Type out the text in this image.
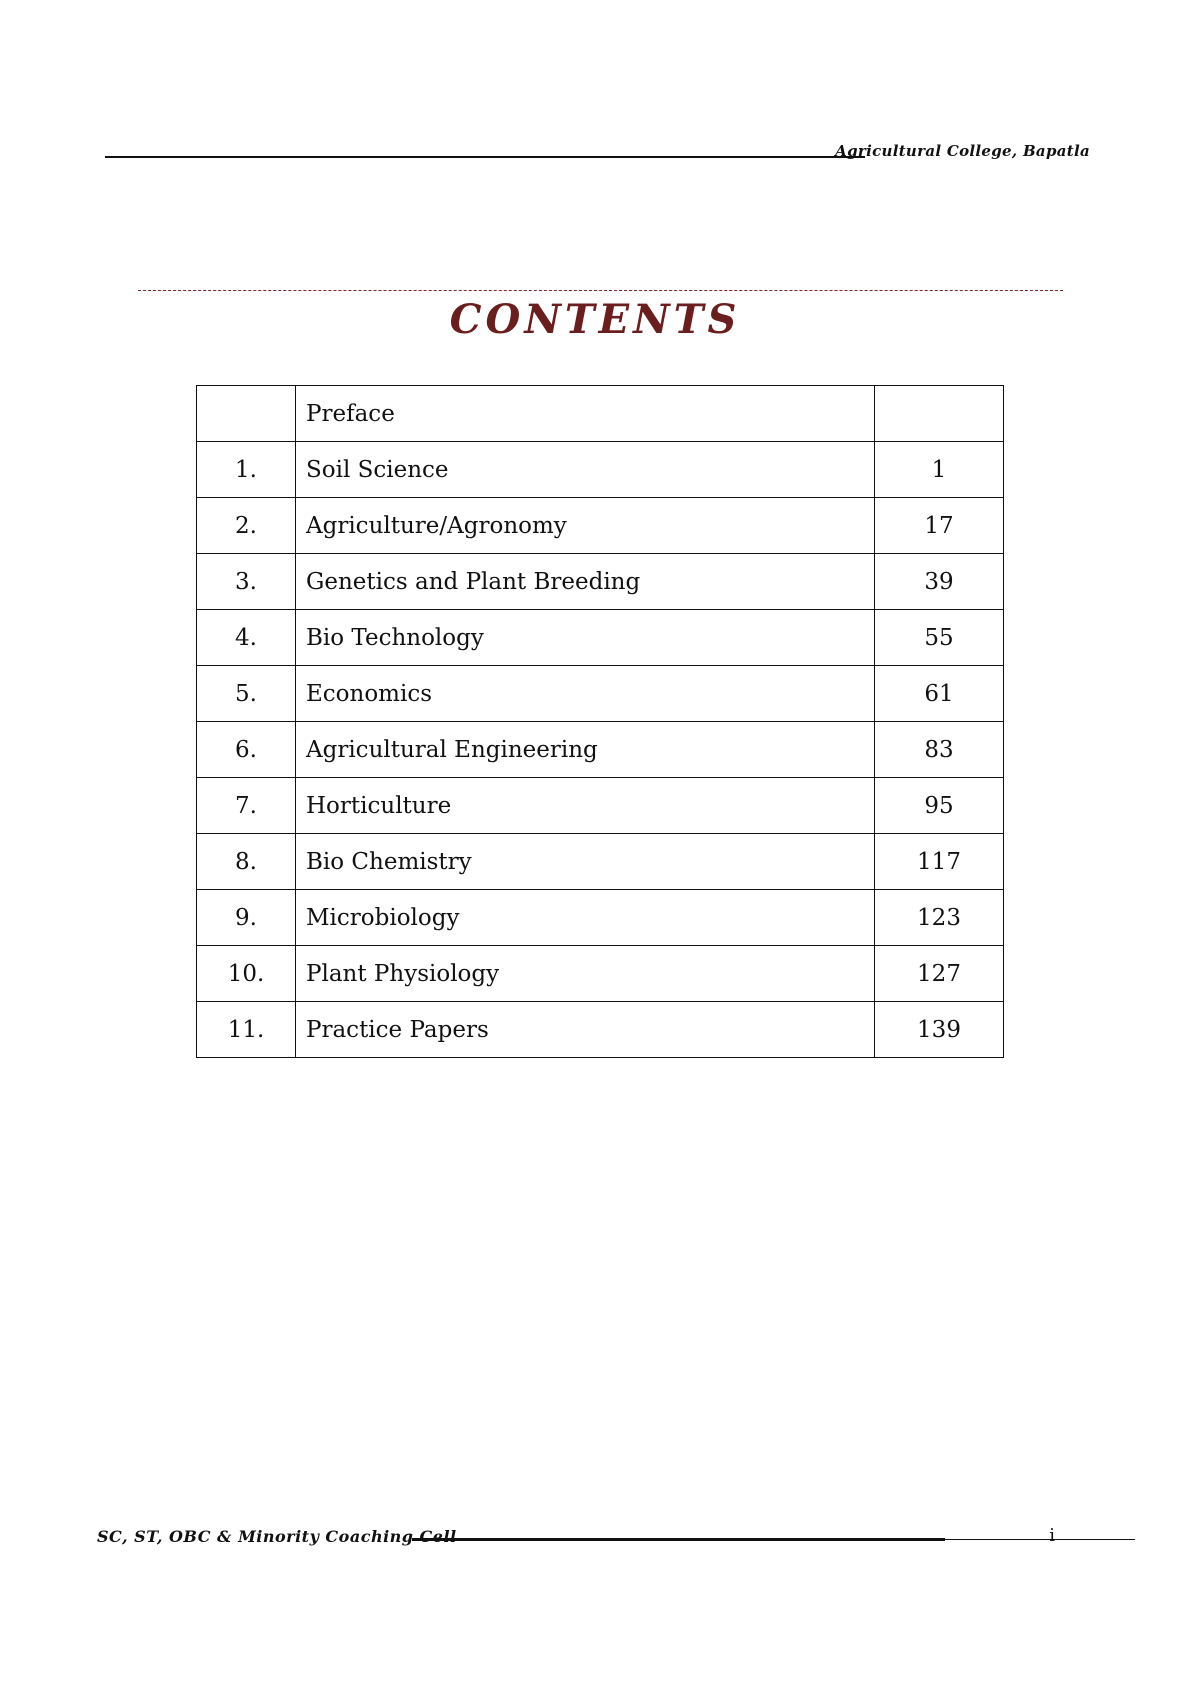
Agricultural College, Bapatla
CONTENTS
	Preface	
1.	Soil Science	1
2.	Agriculture/Agronomy	17
3.	Genetics and Plant Breeding	39
4.	Bio Technology	55
5.	Economics	61
6.	Agricultural Engineering	83
7.	Horticulture	95
8.	Bio Chemistry	117
9.	Microbiology	123
10.	Plant Physiology	127
11.	Practice Papers	139
SC, ST, OBC & Minority Coaching Cell	i
